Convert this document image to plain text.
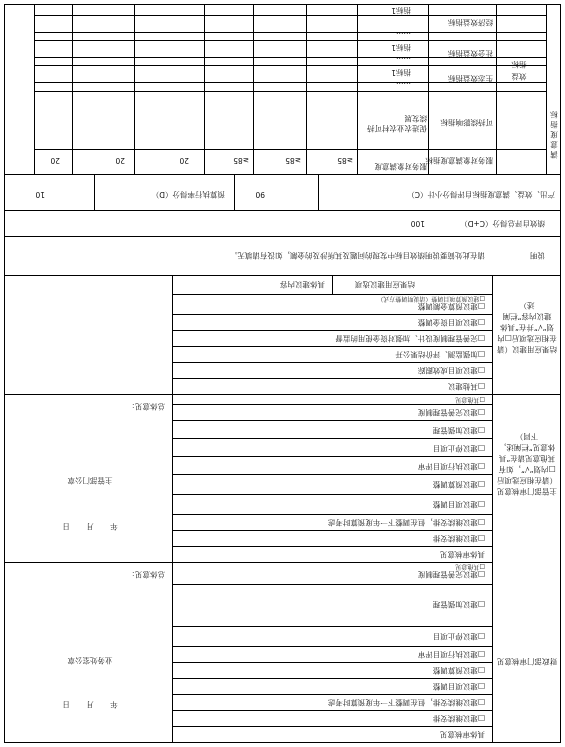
财政部门审核意见
具体审核意见
□建议继续安排
□建议继续安排，但在调整下一年度预算时考虑
□建议项目调整
□建议预算调整
□建议执行项目评审
□建议停止项目
□建议加强管理
□建议完善管理制度
□其他意见
总体意见：
业务处室公章
年 月 日
主管部门审核意见（请在相应选项后□内划“√”，如有其他意见请在“具体意见”栏阐述，下同）
具体审核意见
□建议继续安排
□建议继续安排，但在调整下一年度预算时考虑
□建议项目调整
□建议预算调整
□建议执行项目评审
□建议停止项目
□建议加强管理
□建议完善管理制度
□其他意见
总体意见：
主管部门公章
年 月 日
结果应用建议（请在相应选项后□内划“√”并在“具体建议内容”栏阐述）
□其他建议
□建议项目成效跟踪
□加强监测、评价结果公开
□完善管理制度设计、加强对资金使用的监督
□建议项目资金调整
□建议预算金额调整
□建议预算项目调整（请说明调整方式）
结果应用建议选项
具体建议内容
说明
请在此处简要说明绩效目标中发现的问题及其所涉及的金额，如没有请填无。
绩效自评总得分（C+D）
100
产出、效益、满意度指标自评得分小计（C）
90
预算执行率得分（D）
10
满意度指标
效益指标
服务对象满意度指标
服务对象满意度
≥85
≥85
≥85
20
20
20
可持续影响指标
促进农业农村可持续发展
生态效益指标
……
指标1
社会效益指标
……
指标1
经济效益指标
……
指标1
